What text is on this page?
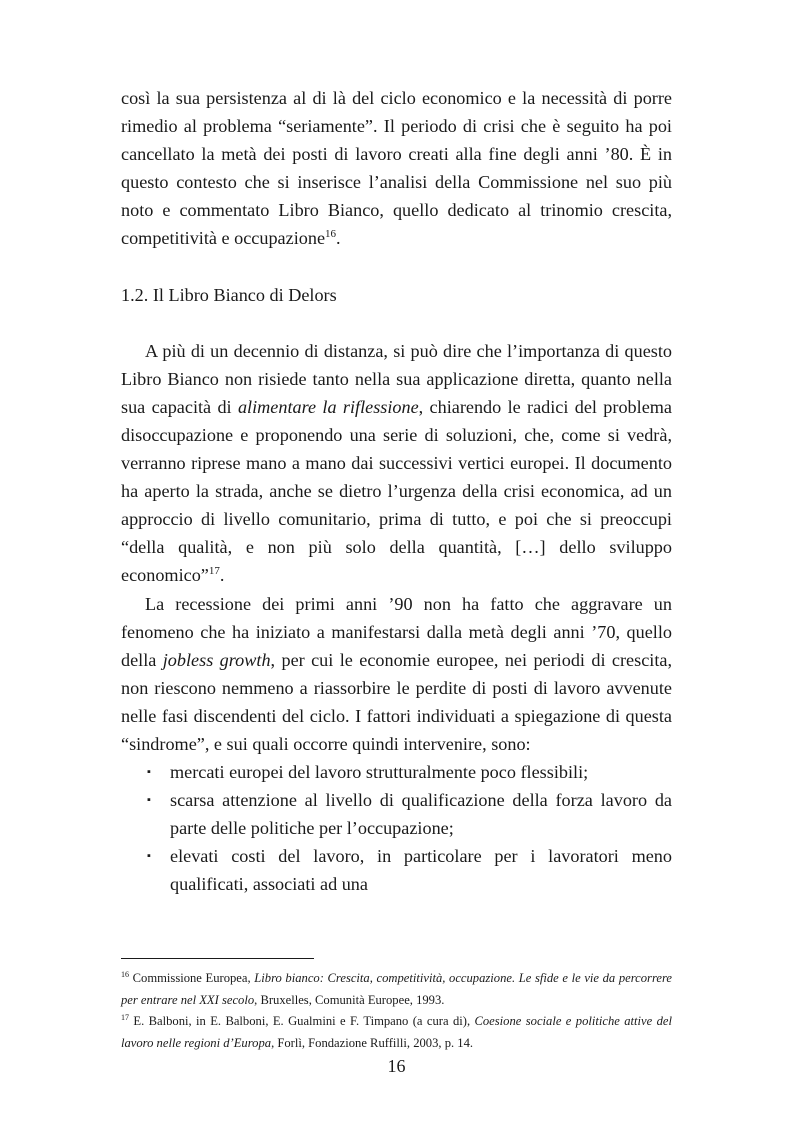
così la sua persistenza al di là del ciclo economico e la necessità di porre rimedio al problema “seriamente”. Il periodo di crisi che è seguito ha poi cancellato la metà dei posti di lavoro creati alla fine degli anni ’80. È in questo contesto che si inserisce l’analisi della Commissione nel suo più noto e commentato Libro Bianco, quello dedicato al trinomio crescita, competitività e occupazione$^{16}$.

1.2. Il Libro Bianco di Delors

A più di un decennio di distanza, si può dire che l’importanza di questo Libro Bianco non risiede tanto nella sua applicazione diretta, quanto nella sua capacità di alimentare la riflessione, chiarendo le radici del problema disoccupazione e proponendo una serie di soluzioni, che, come si vedrà, verranno riprese mano a mano dai successivi vertici europei. Il documento ha aperto la strada, anche se dietro l’urgenza della crisi economica, ad un approccio di livello comunitario, prima di tutto, e poi che si preoccupi “della qualità, e non più solo della quantità, […] dello sviluppo economico”$^{17}$.

La recessione dei primi anni ’90 non ha fatto che aggravare un fenomeno che ha iniziato a manifestarsi dalla metà degli anni ’70, quello della jobless growth, per cui le economie europee, nei periodi di crescita, non riescono nemmeno a riassorbire le perdite di posti di lavoro avvenute nelle fasi discendenti del ciclo. I fattori individuati a spiegazione di questa “sindrome”, e sui quali occorre quindi intervenire, sono:

▪ mercati europei del lavoro strutturalmente poco flessibili;
▪ scarsa attenzione al livello di qualificazione della forza lavoro da parte delle politiche per l’occupazione;
▪ elevati costi del lavoro, in particolare per i lavoratori meno qualificati, associati ad una

$^{16}$ Commissione Europea, Libro bianco: Crescita, competitività, occupazione. Le sfide e le vie da percorrere per entrare nel XXI secolo, Bruxelles, Comunità Europee, 1993.

$^{17}$ E. Balboni, in E. Balboni, E. Gualmini e F. Timpano (a cura di), Coesione sociale e politiche attive del lavoro nelle regioni d’Europa, Forlì, Fondazione Ruffilli, 2003, p. 14.

16
